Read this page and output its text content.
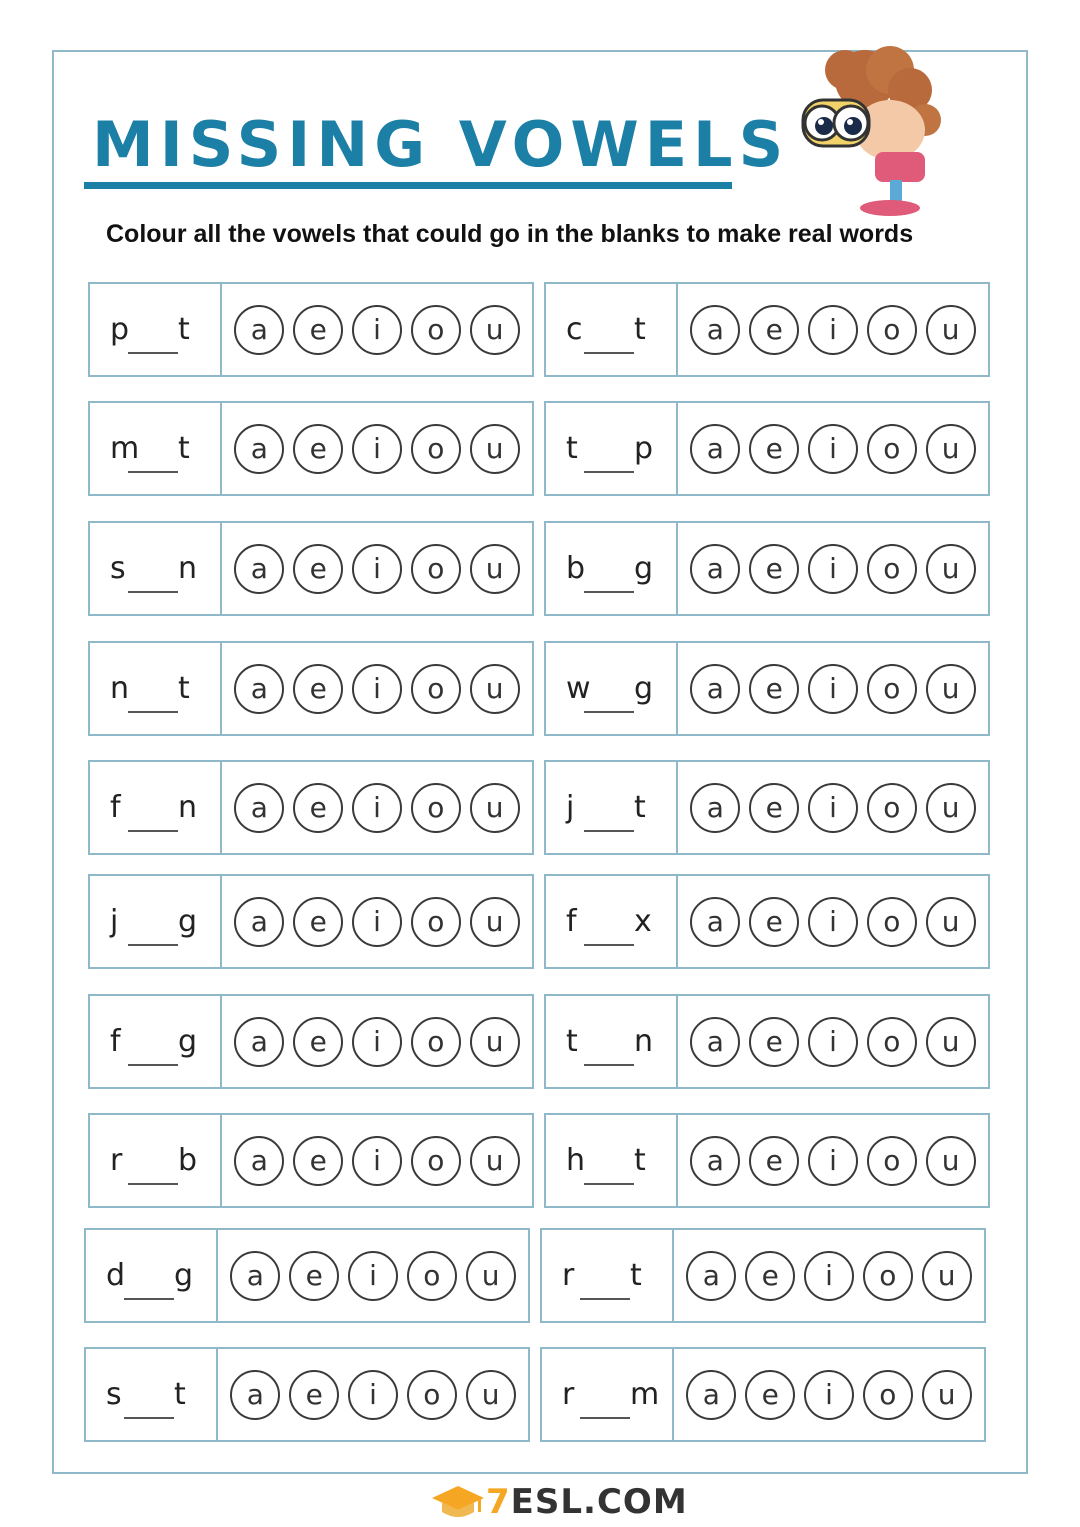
MISSING VOWELS
Colour all the vowels that could go in the blanks to make real words
p t	a	e	i	o	u	c t	a	e	i	o	u
m t	a	e	i	o	u	t p	a	e	i	o	u
s n	a	e	i	o	u	b g	a	e	i	o	u
n t	a	e	i	o	u	w g	a	e	i	o	u
f n	a	e	i	o	u	j t	a	e	i	o	u
j g	a	e	i	o	u	f x	a	e	i	o	u
f g	a	e	i	o	u	t n	a	e	i	o	u
r b	a	e	i	o	u	h t	a	e	i	o	u
d g	a	e	i	o	u	r t	a	e	i	o	u
s t	a	e	i	o	u	r m	a	e	i	o	u
7ESL.COM
